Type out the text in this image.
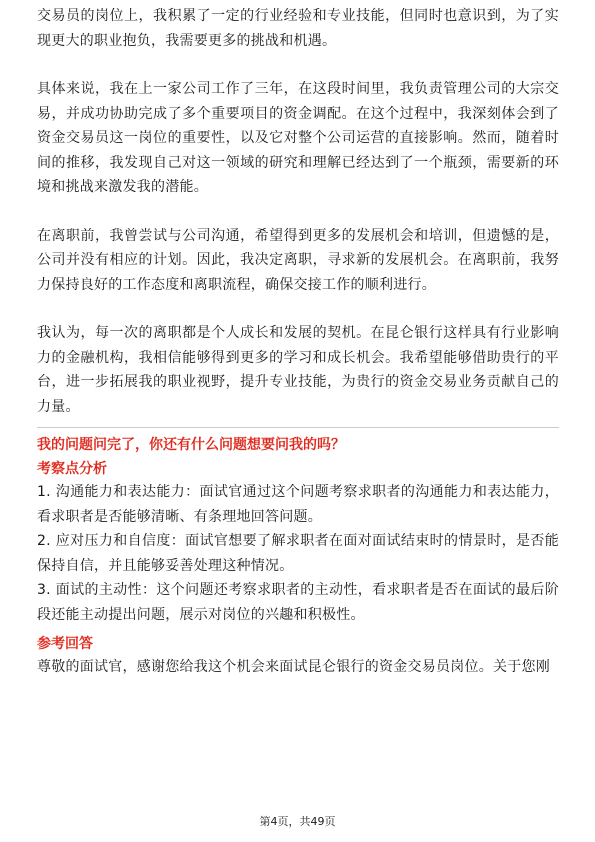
交易员的岗位上，我积累了一定的行业经验和专业技能，但同时也意识到，为了实现更大的职业抱负，我需要更多的挑战和机遇。

具体来说，我在上一家公司工作了三年，在这段时间里，我负责管理公司的大宗交易，并成功协助完成了多个重要项目的资金调配。在这个过程中，我深刻体会到了资金交易员这一岗位的重要性，以及它对整个公司运营的直接影响。然而，随着时间的推移，我发现自己对这一领域的研究和理解已经达到了一个瓶颈，需要新的环境和挑战来激发我的潜能。

在离职前，我曾尝试与公司沟通，希望得到更多的发展机会和培训，但遗憾的是，公司并没有相应的计划。因此，我决定离职，寻求新的发展机会。在离职前，我努力保持良好的工作态度和离职流程，确保交接工作的顺利进行。

我认为，每一次的离职都是个人成长和发展的契机。在昆仑银行这样具有行业影响力的金融机构，我相信能够得到更多的学习和成长机会。我希望能够借助贵行的平台，进一步拓展我的职业视野，提升专业技能，为贵行的资金交易业务贡献自己的力量。

我的问题问完了，你还有什么问题想要问我的吗？

考察点分析

1. 沟通能力和表达能力：面试官通过这个问题考察求职者的沟通能力和表达能力，看求职者是否能够清晰、有条理地回答问题。

2. 应对压力和自信度：面试官想要了解求职者在面对面试结束时的情景时，是否能保持自信，并且能够妥善处理这种情况。

3. 面试的主动性：这个问题还考察求职者的主动性，看求职者是否在面试的最后阶段还能主动提出问题，展示对岗位的兴趣和积极性。

参考回答

尊敬的面试官，感谢您给我这个机会来面试昆仑银行的资金交易员岗位。关于您刚

第4页，共49页
